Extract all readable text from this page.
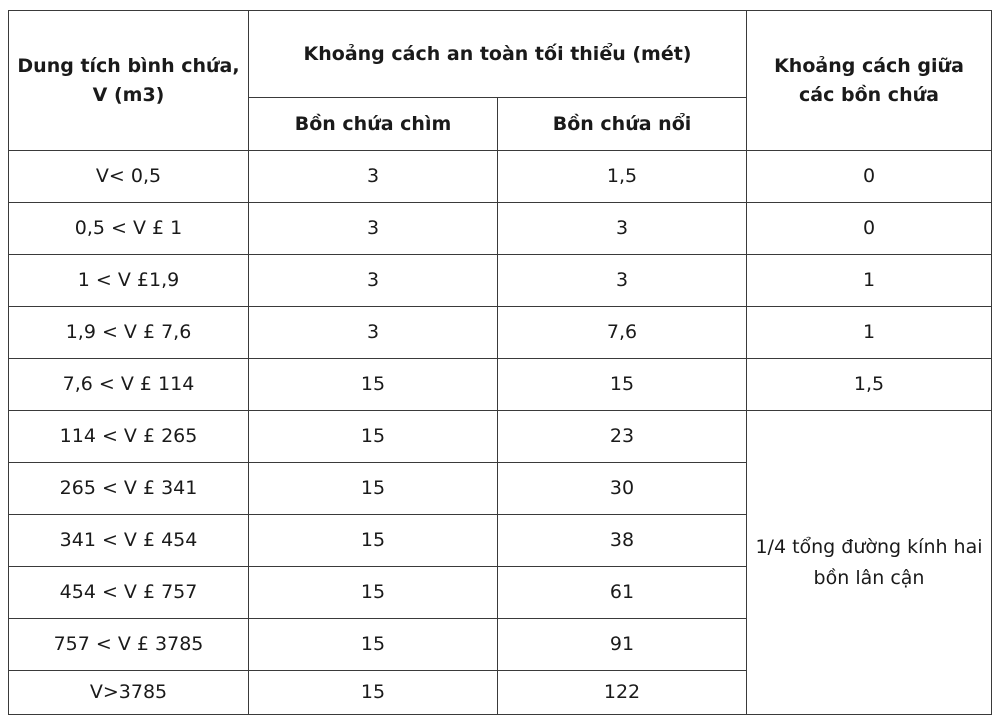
Dung tích bình chứa, V (m3)	Khoảng cách an toàn tối thiểu (mét)		Khoảng cách giữa các bồn chứa
	Bồn chứa chìm	Bồn chứa nổi	
V< 0,5	3	1,5	0
0,5 < V £ 1	3	3	0
1 < V £1,9	3	3	1
1,9 < V £ 7,6	3	7,6	1
7,6 < V £ 114	15	15	1,5
114 < V £ 265	15	23	1/4 tổng đường kính hai bồn lân cận
265 < V £ 341	15	30	
341 < V £ 454	15	38	
454 < V £ 757	15	61	
757 < V £ 3785	15	91	
V>3785	15	122	
